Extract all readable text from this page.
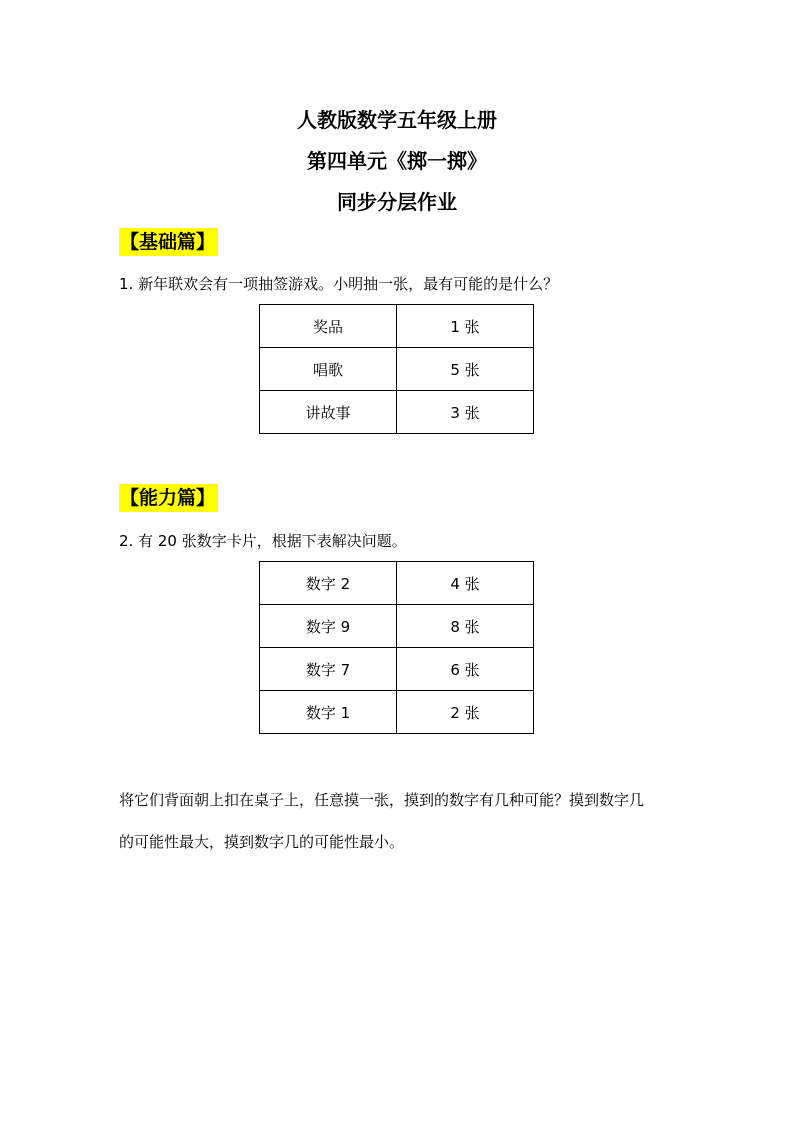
人教版数学五年级上册
第四单元《掷一掷》
同步分层作业
【基础篇】
1. 新年联欢会有一项抽签游戏。小明抽一张，最有可能的是什么？
奖品	1 张
唱歌	5 张
讲故事	3 张
【能力篇】
2. 有 20 张数字卡片，根据下表解决问题。
数字 2	4 张
数字 9	8 张
数字 7	6 张
数字 1	2 张
将它们背面朝上扣在桌子上，任意摸一张，摸到的数字有几种可能？摸到数字几
的可能性最大，摸到数字几的可能性最小。
